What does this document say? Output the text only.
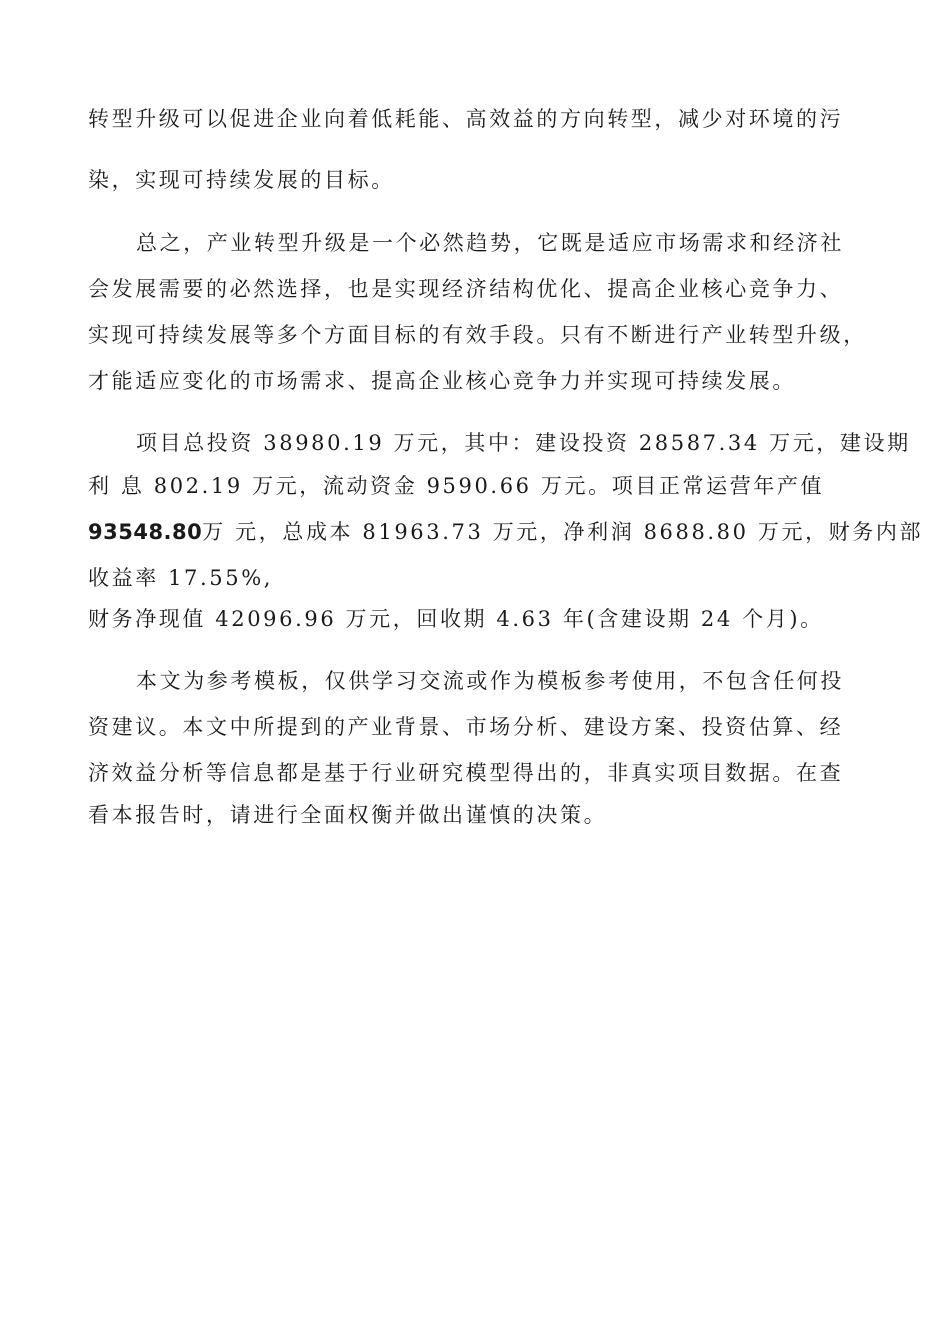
转型升级可以促进企业向着低耗能、高效益的方向转型，减少对环境的污
染，实现可持续发展的目标。
总之，产业转型升级是一个必然趋势，它既是适应市场需求和经济社
会发展需要的必然选择，也是实现经济结构优化、提高企业核心竞争力、
实现可持续发展等多个方面目标的有效手段。只有不断进行产业转型升级，
才能适应变化的市场需求、提高企业核心竞争力并实现可持续发展。
项目总投资 38980.19 万元，其中：建设投资 28587.34 万元，建设期
利 息 802.19 万元，流动资金 9590.66 万元。项目正常运营年产值
93548.80万 元，总成本 81963.73 万元，净利润 8688.80 万元，财务内部
收益率 17.55%,
财务净现值 42096.96 万元，回收期 4.63 年(含建设期 24 个月)。
本文为参考模板，仅供学习交流或作为模板参考使用，不包含任何投
资建议。本文中所提到的产业背景、市场分析、建设方案、投资估算、经
济效益分析等信息都是基于行业研究模型得出的，非真实项目数据。在查
看本报告时，请进行全面权衡并做出谨慎的决策。
